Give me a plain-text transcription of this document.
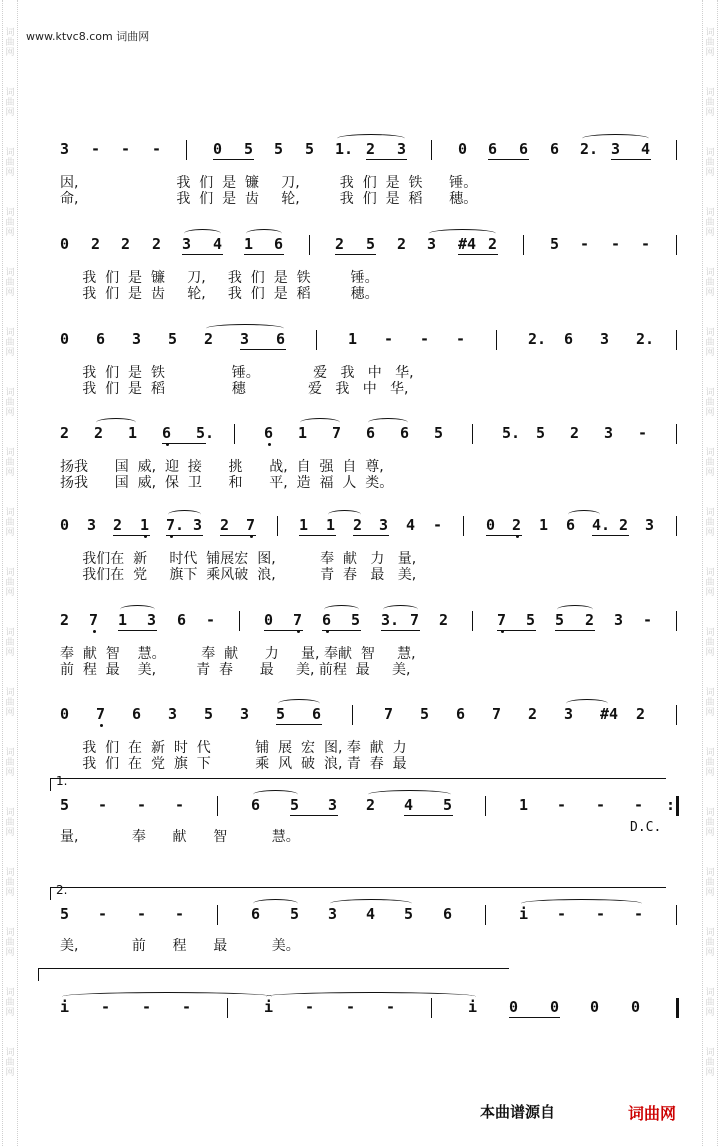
词
曲
网
词
曲
网
词
曲
网
词
曲
网
词
曲
网
词
曲
网
词
曲
网
词
曲
网
词
曲
网
词
曲
网
词
曲
网
词
曲
网
词
曲
网
词
曲
网
词
曲
网
词
曲
网
词
曲
网
词
曲
网
词
曲
网
词
曲
网
词
曲
网
词
曲
网
词
曲
网
词
曲
网
词
曲
网
词
曲
网
词
曲
网
词
曲
网
词
曲
网
词
曲
网
词
曲
网
词
曲
网
词
曲
网
词
曲
网
词
曲
网
词
曲
网
www.ktvc8.com 词曲网
3 - - -	0 5 5 5 1. 2 3	0 6 6 6 2. 3 4
因,                      我  们  是  镰     刀,         我  们  是  铁      锤。
命,                      我  们  是  齿     轮,         我  们  是  稻      穗。
0 2 2 2 3 4 1 6	2 5 2 3 #4 2	5 - - -
我  们  是  镰     刀,     我  们  是  铁         锤。
我  们  是  齿     轮,     我  们  是  稻         穗。
0 6 3 5 2 3 6	1 - - -	2. 6 3 2.
我  们  是  铁               锤。            爱   我   中   华,
我  们  是  稻               穗              爱   我   中   华,
2 2 1 6 5.	6 1 7 6 6 5	5. 5 2 3 -
扬我      国  威,  迎  接      挑      战,  自  强  自  尊,
扬我      国  威,  保  卫      和      平,  造  福  人  类。
0 3 2 1 7. 3 2 7	1 1 2 3 4 -	0 2 1 6 4. 2 3
我们在  新     时代  铺展宏  图,          奉  献   力   量,
我们在  党     旗下  乘风破  浪,          青  春   最   美,
2 7 1 3 6 -	0 7 6 5 3. 7 2	7 5 5 2 3 -
奉  献  智    慧。        奉  献      力     量, 奉献  智     慧,
前  程  最    美,         青  春      最     美, 前程  最     美,
0 7 6 3 5 3 5 6	7 5 6 7 2 3 #4 2
我  们  在  新  时  代          铺  展  宏  图, 奉  献  力
我  们  在  党  旗  下          乘  风  破  浪, 青  春  最
5 - - -	6 5 3 2 4 5	1 - - - :
1.
量,            奉      献      智          慧。
D.C.
5 - - -	6 5 3 4 5 6	i - - -
2.
美,            前      程      最          美。
i - - -	i - - -	i 0 0 0 0
本曲谱源自	词曲网
